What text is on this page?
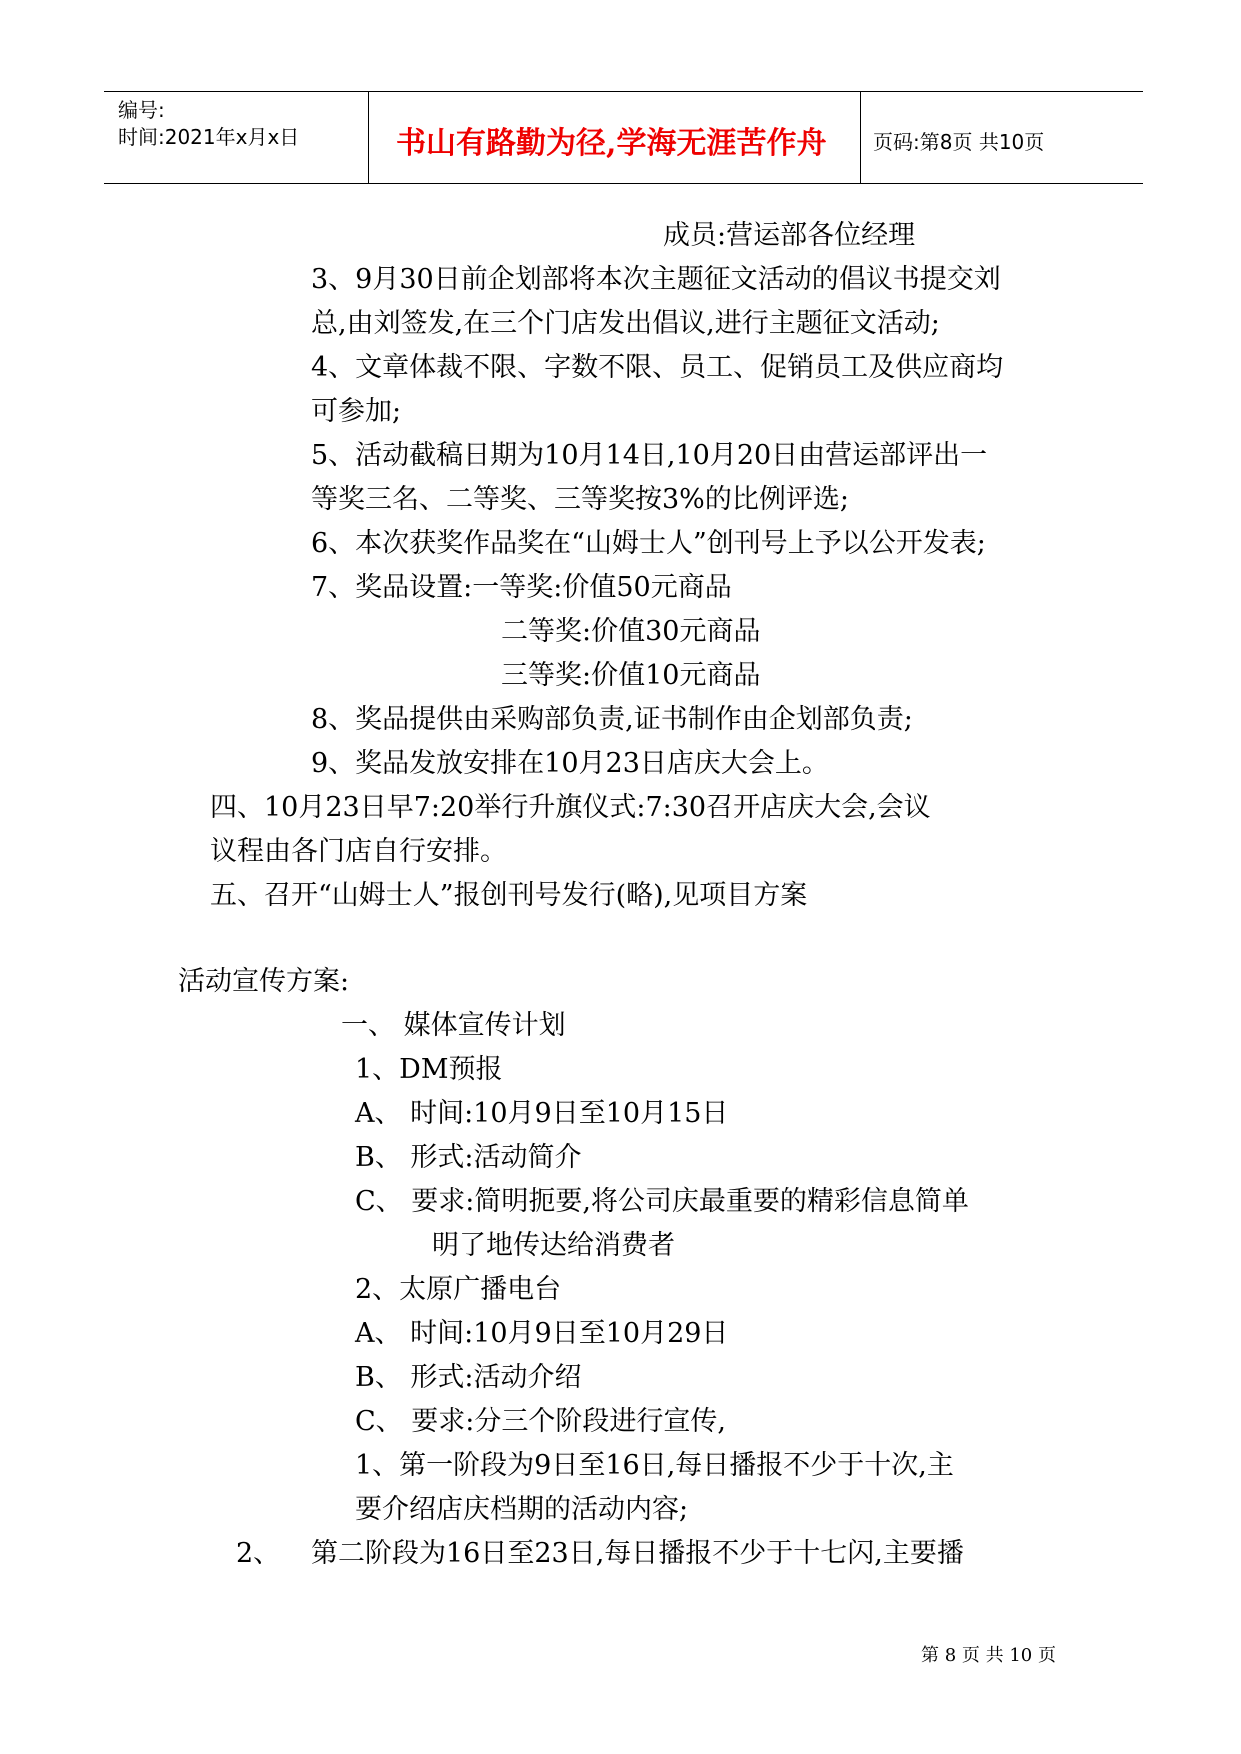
编号:
时间:2021年x月x日	书山有路勤为径,学海无涯苦作舟 页码:第8页 共10页
成员:营运部各位经理
3、9月30日前企划部将本次主题征文活动的倡议书提交刘
总,由刘签发,在三个门店发出倡议,进行主题征文活动;
4、文章体裁不限、字数不限、员工、促销员工及供应商均
可参加;
5、活动截稿日期为10月14日,10月20日由营运部评出一
等奖三名、二等奖、三等奖按3%的比例评选;
6、本次获奖作品奖在“山姆士人”创刊号上予以公开发表;
7、奖品设置:一等奖:价值50元商品
二等奖:价值30元商品
三等奖:价值10元商品
8、奖品提供由采购部负责,证书制作由企划部负责;
9、奖品发放安排在10月23日店庆大会上。
四、10月23日早7:20举行升旗仪式:7:30召开店庆大会,会议
议程由各门店自行安排。
五、召开“山姆士人”报创刊号发行(略),见项目方案
活动宣传方案:
一、 媒体宣传计划
1、DM预报
A、 时间:10月9日至10月15日
B、 形式:活动简介
C、 要求:简明扼要,将公司庆最重要的精彩信息简单
明了地传达给消费者
2、太原广播电台
A、 时间:10月9日至10月29日
B、 形式:活动介绍
C、 要求:分三个阶段进行宣传,
1、第一阶段为9日至16日,每日播报不少于十次,主
要介绍店庆档期的活动内容;
2、 第二阶段为16日至23日,每日播报不少于十七闪,主要播
第 8 页 共 10 页
